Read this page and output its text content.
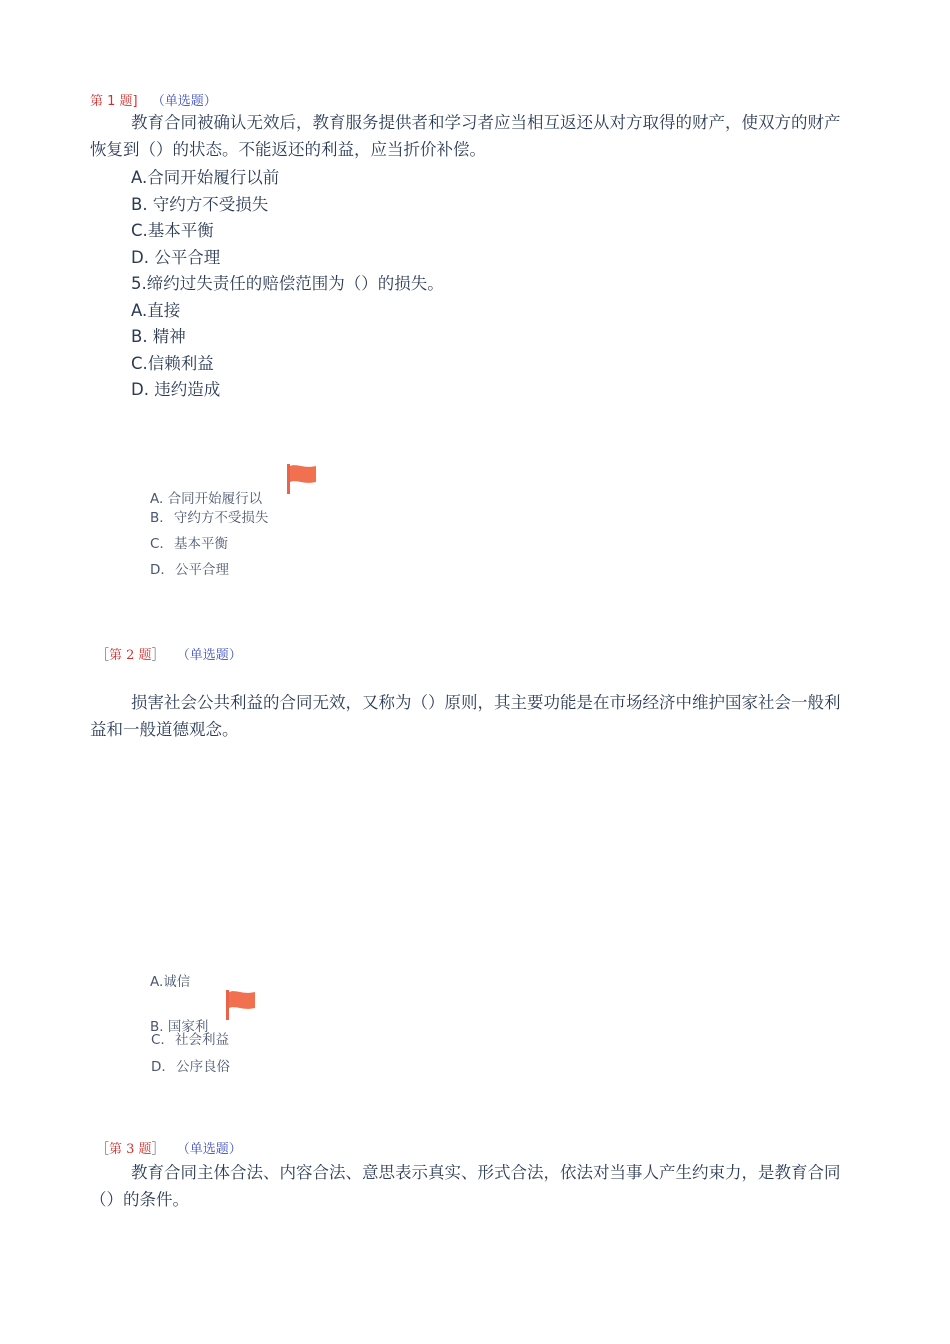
第 1 题] （单选题）
教育合同被确认无效后，教育服务提供者和学习者应当相互返还从对方取得的财产，使双方的财产恢复到（）的状态。不能返还的利益，应当折价补偿。
A.合同开始履行以前
B. 守约方不受损失
C.基本平衡
D. 公平合理
5.缔约过失责任的赔偿范围为（）的损失。
A.直接
B. 精神
C.信赖利益
D. 违约造成
A. 合同开始履行以
B. 守约方不受损失
C. 基本平衡
D. 公平合理
［第 2 题］ （单选题）
损害社会公共利益的合同无效，又称为（）原则，其主要功能是在市场经济中维护国家社会一般利益和一般道德观念。
A.诚信
B. 国家利
C. 社会利益
D. 公序良俗
［第 3 题］ （单选题）
教育合同主体合法、内容合法、意思表示真实、形式合法，依法对当事人产生约束力，是教育合同（）的条件。
